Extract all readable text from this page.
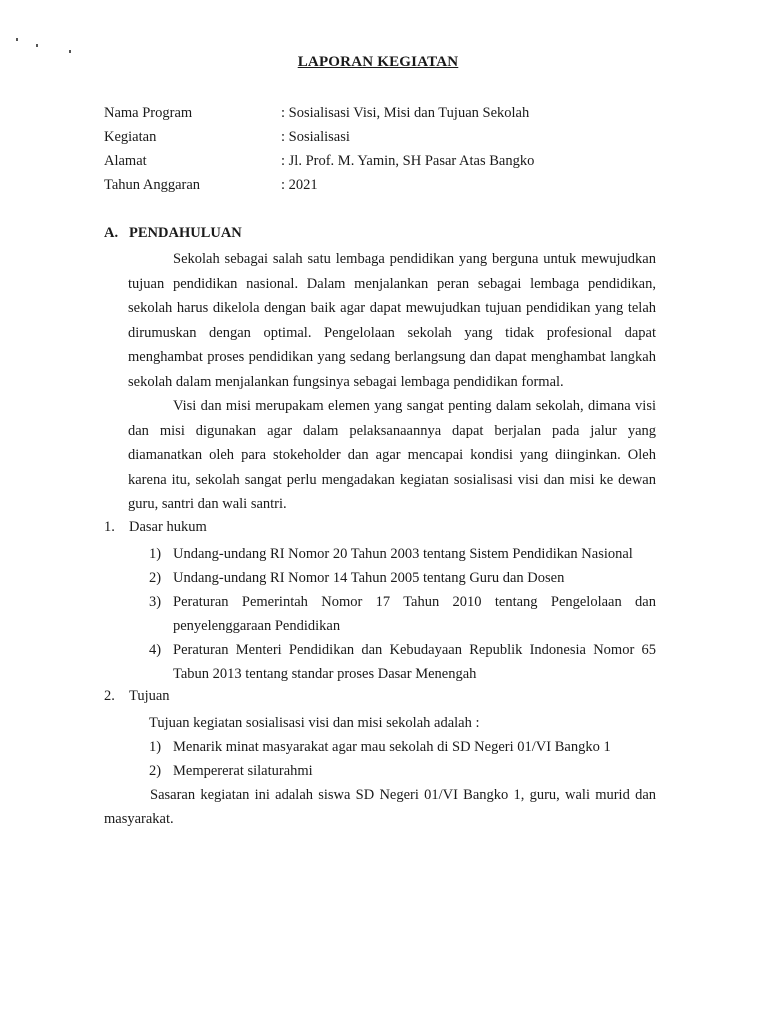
LAPORAN KEGIATAN
Nama Program	: Sosialisasi Visi, Misi dan Tujuan Sekolah
Kegiatan	: Sosialisasi
Alamat	: Jl. Prof. M. Yamin, SH Pasar Atas Bangko
Tahun Anggaran	: 2021
A. PENDAHULUAN

Sekolah sebagai salah satu lembaga pendidikan yang berguna untuk mewujudkan tujuan pendidikan nasional. Dalam menjalankan peran sebagai lembaga pendidikan, sekolah harus dikelola dengan baik agar dapat mewujudkan tujuan pendidikan yang telah dirumuskan dengan optimal. Pengelolaan sekolah yang tidak profesional dapat menghambat proses pendidikan yang sedang berlangsung dan dapat menghambat langkah sekolah dalam menjalankan fungsinya sebagai lembaga pendidikan formal.

Visi dan misi merupakam elemen yang sangat penting dalam sekolah, dimana visi dan misi digunakan agar dalam pelaksanaannya dapat berjalan pada jalur yang diamanatkan oleh para stokeholder dan agar mencapai kondisi yang diinginkan. Oleh karena itu, sekolah sangat perlu mengadakan kegiatan sosialisasi visi dan misi ke dewan guru, santri dan wali santri.

1. Dasar hukum
1) Undang-undang RI Nomor 20 Tahun 2003 tentang Sistem Pendidikan Nasional
2) Undang-undang RI Nomor 14 Tahun 2005 tentang Guru dan Dosen
3) Peraturan Pemerintah Nomor 17 Tahun 2010 tentang Pengelolaan dan penyelenggaraan Pendidikan
4) Peraturan Menteri Pendidikan dan Kebudayaan Republik Indonesia Nomor 65 Tabun 2013 tentang standar proses Dasar Menengah
2. Tujuan
Tujuan kegiatan sosialisasi visi dan misi sekolah adalah :
1) Menarik minat masyarakat agar mau sekolah di SD Negeri 01/VI Bangko 1
2) Mempererat silaturahmi

Sasaran kegiatan ini adalah siswa SD Negeri 01/VI Bangko 1, guru, wali murid dan masyarakat.
